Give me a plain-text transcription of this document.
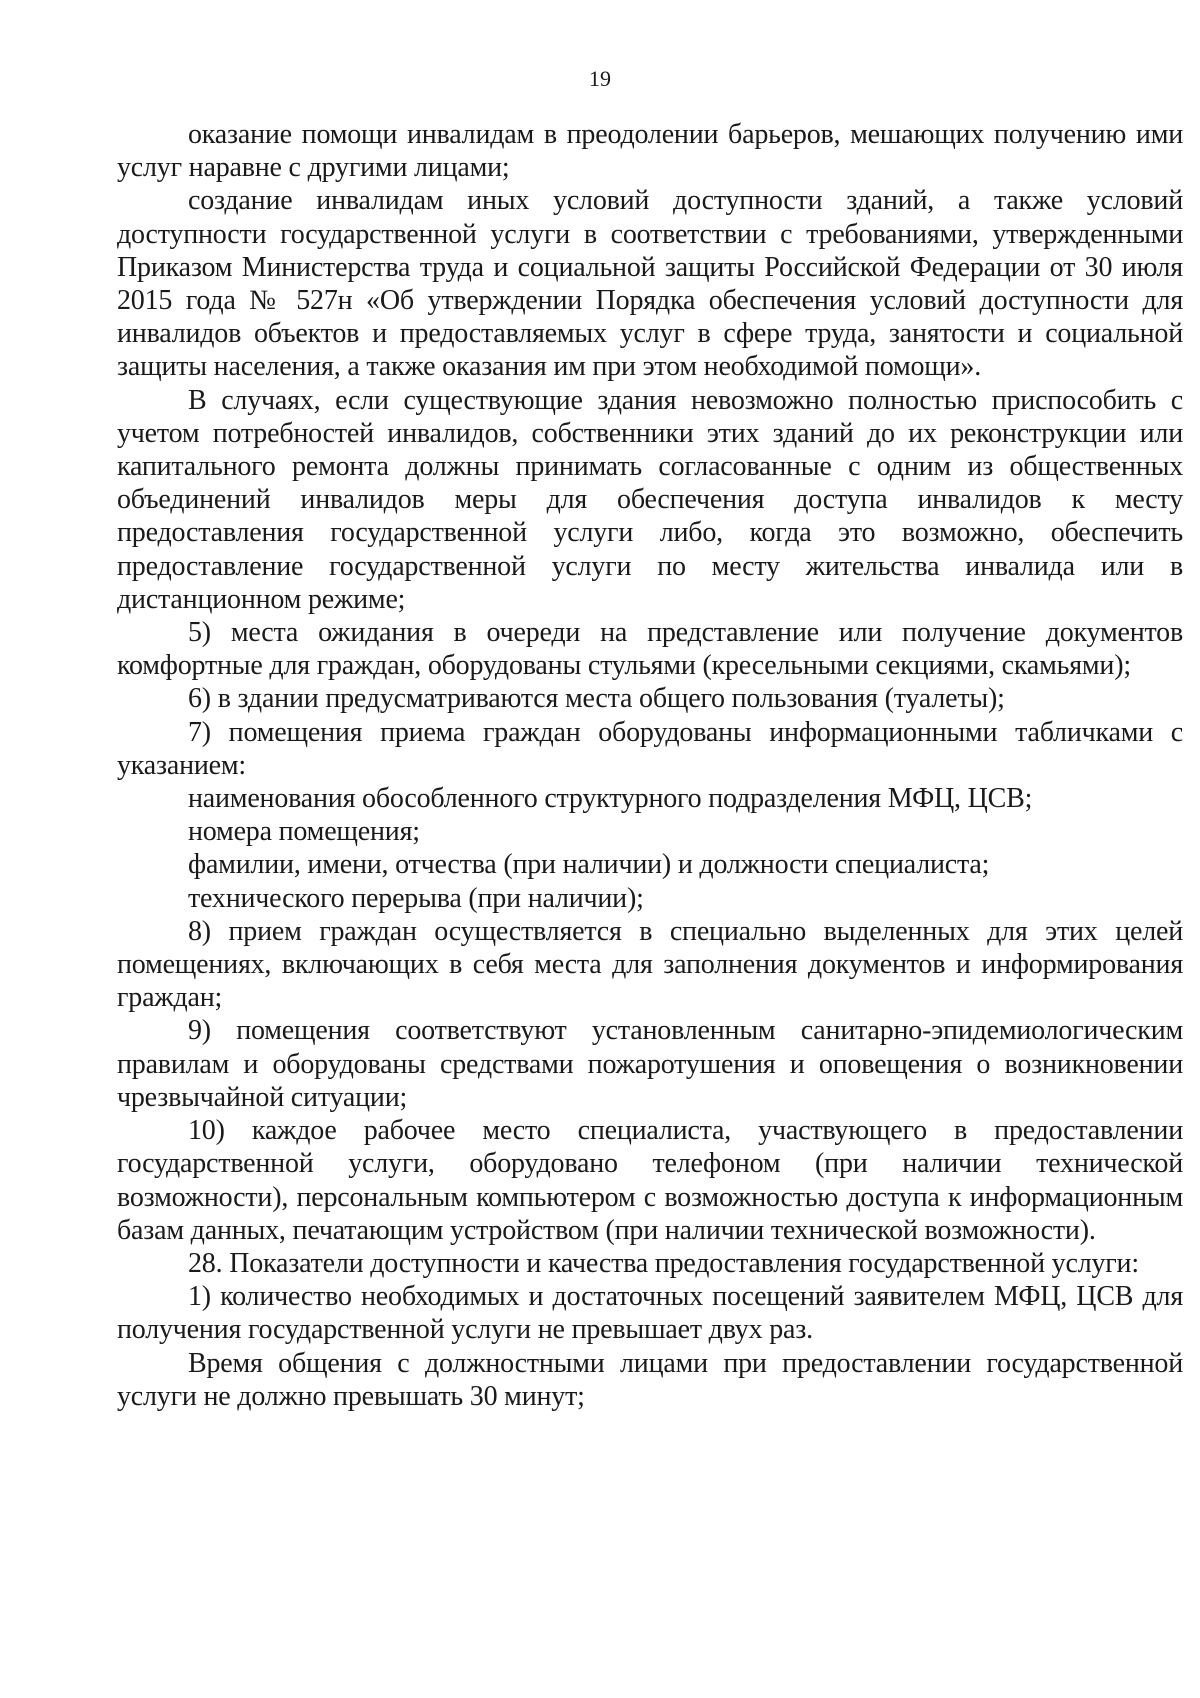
19

оказание помощи инвалидам в преодолении барьеров, мешающих получению ими услуг наравне с другими лицами;

создание инвалидам иных условий доступности зданий, а также условий доступности государственной услуги в соответствии с требованиями, утвержденными Приказом Министерства труда и социальной защиты Российской Федерации от 30 июля 2015 года № 527н «Об утверждении Порядка обеспечения условий доступности для инвалидов объектов и предоставляемых услуг в сфере труда, занятости и социальной защиты населения, а также оказания им при этом необходимой помощи».

В случаях, если существующие здания невозможно полностью приспособить с учетом потребностей инвалидов, собственники этих зданий до их реконструкции или капитального ремонта должны принимать согласованные с одним из общественных объединений инвалидов меры для обеспечения доступа инвалидов к месту предоставления государственной услуги либо, когда это возможно, обеспечить предоставление государственной услуги по месту жительства инвалида или в дистанционном режиме;

5) места ожидания в очереди на представление или получение документов комфортные для граждан, оборудованы стульями (кресельными секциями, скамьями);

6) в здании предусматриваются места общего пользования (туалеты);

7) помещения приема граждан оборудованы информационными табличками с указанием:

наименования обособленного структурного подразделения МФЦ, ЦСВ;

номера помещения;

фамилии, имени, отчества (при наличии) и должности специалиста;

технического перерыва (при наличии);

8) прием граждан осуществляется в специально выделенных для этих целей помещениях, включающих в себя места для заполнения документов и информирования граждан;

9) помещения соответствуют установленным санитарно-эпидемиологическим правилам и оборудованы средствами пожаротушения и оповещения о возникновении чрезвычайной ситуации;

10) каждое рабочее место специалиста, участвующего в предоставлении государственной услуги, оборудовано телефоном (при наличии технической возможности), персональным компьютером с возможностью доступа к информационным базам данных, печатающим устройством (при наличии технической возможности).

28. Показатели доступности и качества предоставления государственной услуги:

1) количество необходимых и достаточных посещений заявителем МФЦ, ЦСВ для получения государственной услуги не превышает двух раз.

Время общения с должностными лицами при предоставлении государственной услуги не должно превышать 30 минут;
